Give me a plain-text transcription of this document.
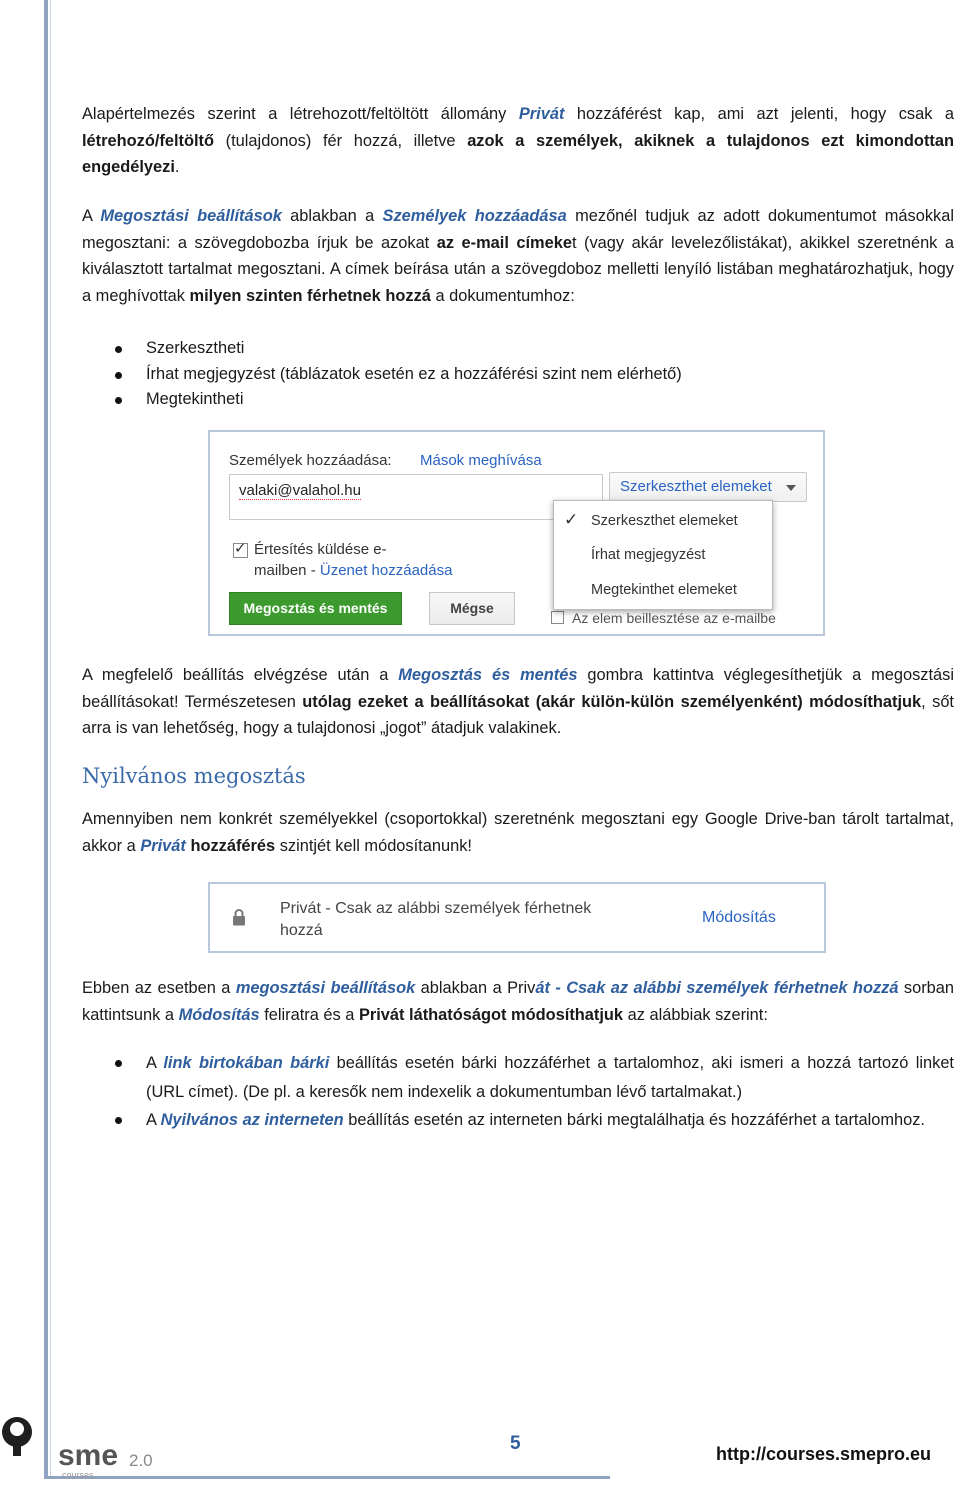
Alapértelmezés szerint a létrehozott/feltöltött állomány Privát hozzáférést kap, ami azt jelenti, hogy csak a létrehozó/feltöltő (tulajdonos) fér hozzá, illetve azok a személyek, akiknek a tulajdonos ezt kimondottan engedélyezi.

A Megosztási beállítások ablakban a Személyek hozzáadása mezőnél tudjuk az adott dokumentumot másokkal megosztani: a szövegdobozba írjuk be azokat az e-mail címeket (vagy akár levelezőlistákat), akikkel szeretnénk a kiválasztott tartalmat megosztani. A címek beírása után a szövegdoboz melletti lenyíló listában meghatározhatjuk, hogy a meghívottak milyen szinten férhetnek hozzá a dokumentumhoz:

Szerkesztheti
Írhat megjegyzést (táblázatok esetén ez a hozzáférési szint nem elérhető)
Megtekintheti
Személyek hozzáadása: Mások meghívása
valaki@valahol.hu	Szerkeszthet elemeket
✓
Értesítés küldése e-
mailben - Üzenet hozzáadása
Megosztás és mentés	Mégse
Az elem beillesztése az e-mailbe
✓ Szerkeszthet elemeket
Írhat megjegyzést
Megtekinthet elemeket

A megfelelő beállítás elvégzése után a Megosztás és mentés gombra kattintva véglegesíthetjük a megosztási beállításokat! Természetesen utólag ezeket a beállításokat (akár külön-külön személyenként) módosíthatjuk, sőt arra is van lehetőség, hogy a tulajdonosi „jogot” átadjuk valakinek.

Nyilvános megosztás

Amennyiben nem konkrét személyekkel (csoportokkal) szeretnénk megosztani egy Google Drive-ban tárolt tartalmat, akkor a Privát hozzáférés szintjét kell módosítanunk!

Privát - Csak az alábbi személyek férhetnek
hozzá
Módosítás

Ebben az esetben a megosztási beállítások ablakban a Privát - Csak az alábbi személyek férhetnek hozzá sorban kattintsunk a Módosítás feliratra és a Privát láthatóságot módosíthatjuk az alábbiak szerint:

A link birtokában bárki beállítás esetén bárki hozzáférhet a tartalomhoz, aki ismeri a hozzá tartozó linket (URL címet). (De pl. a keresők nem indexelik a dokumentumban lévő tartalmakat.)
A Nyilvános az interneten beállítás esetén az interneten bárki megtalálhatja és hozzáférhet a tartalomhoz.
sme 2.0
courses
5	http://courses.smepro.eu
